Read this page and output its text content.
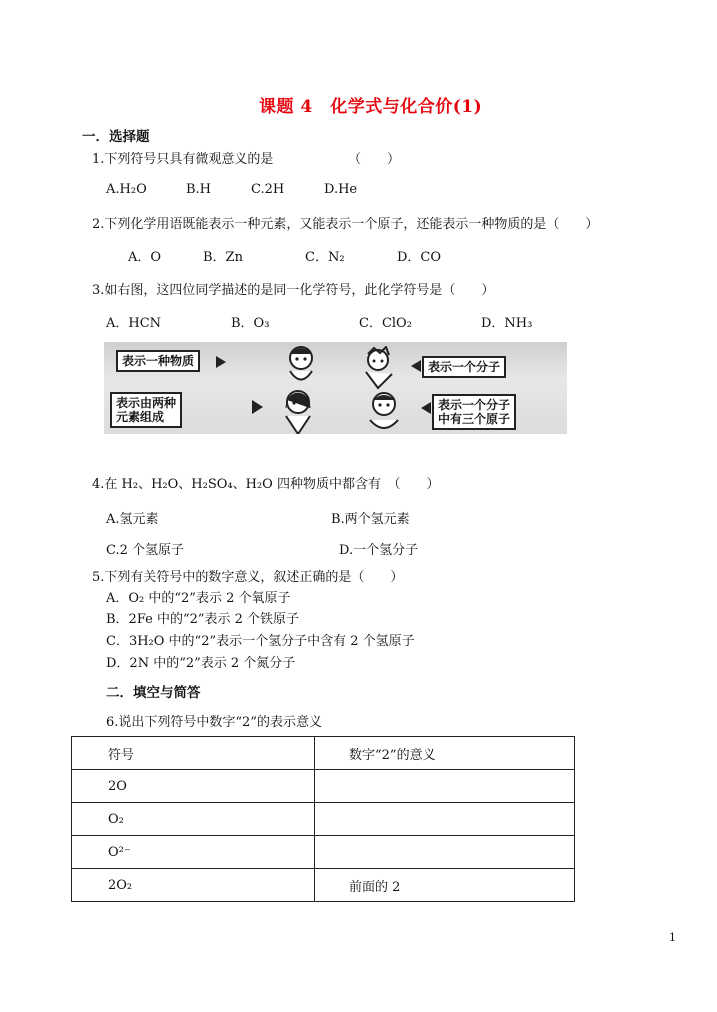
课题 4　化学式与化合价(1)
一．选择题
1.下列符号只具有微观意义的是	（　　）
A.H₂O	B.H	C.2H	D.He
2.下列化学用语既能表示一种元素，又能表示一个原子，还能表示一种物质的是（　　）
A．O	B．Zn	C．N₂	D．CO
3.如右图，这四位同学描述的是同一化学符号，此化学符号是（　　）
A．HCN	B．O₃	C．ClO₂	D．NH₃
表示一种物质	表示一个分子
表示由两种
元素组成
表示一个分子
中有三个原子
4.在 H₂、H₂O、H₂SO₄、H₂O 四种物质中都含有　（　　）
A.氢元素	B.两个氢元素
C.2 个氢原子	D.一个氢分子
5.下列有关符号中的数字意义，叙述正确的是（　　）
A．O₂ 中的“2”表示 2 个氧原子
B．2Fe 中的“2”表示 2 个铁原子
C．3H₂O 中的“2”表示一个氢分子中含有 2 个氢原子
D．2N 中的“2”表示 2 个氮分子
二．填空与简答
6.说出下列符号中数字“2”的表示意义
符号	数字“2”的意义
2O	
O₂	
O²⁻	
2O₂	前面的 2
1
